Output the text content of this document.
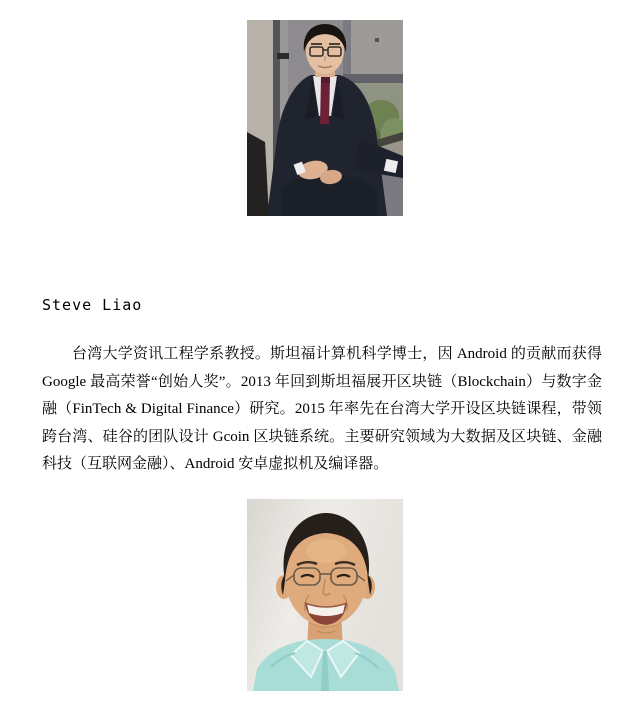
Steve Liao

台湾大学资讯工程学系教授。斯坦福计算机科学博士，因 Android 的贡献而获得 Google 最高荣誉“创始人奖”。2013 年回到斯坦福展开区块链（Blockchain）与数字金融（FinTech & Digital Finance）研究。2015 年率先在台湾大学开设区块链课程，带领跨台湾、硅谷的团队设计 Gcoin 区块链系统。主要研究领域为大数据及区块链、金融科技（互联网金融）、Android 安卓虚拟机及编译器。
